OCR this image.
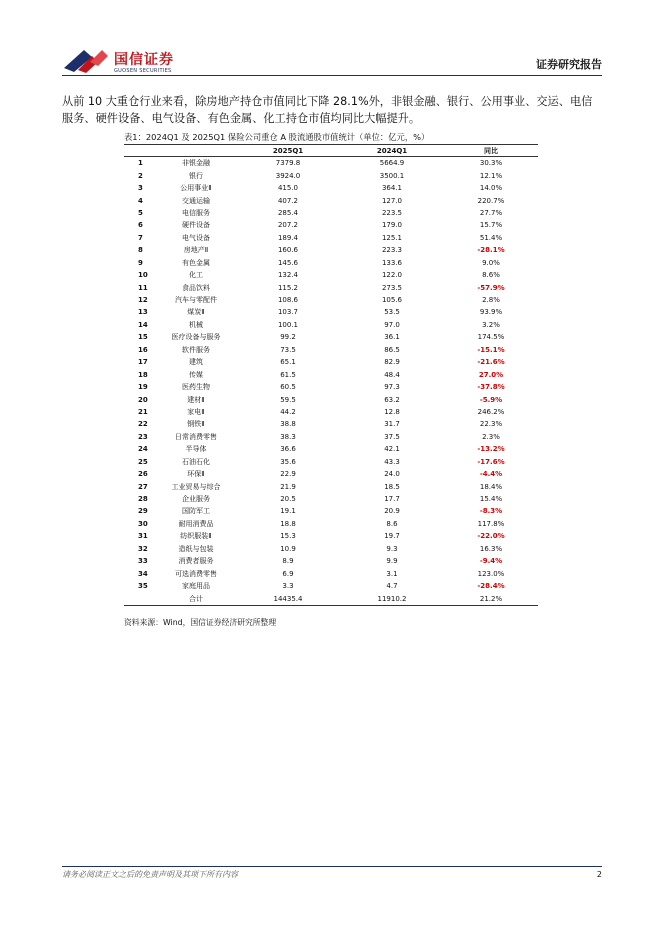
国信证券
GUOSEN SECURITIES	证券研究报告
从前 10 大重仓行业来看，除房地产持仓市值同比下降 28.1%外，非银金融、银行、公用事业、交运、电信服务、硬件设备、电气设备、有色金属、化工持仓市值均同比大幅提升。
表1：2024Q1 及 2025Q1 保险公司重仓 A 股流通股市值统计（单位：亿元，%）
		2025Q1	2024Q1	同比
1	非银金融	7379.8	5664.9	30.3%
2	银行	3924.0	3500.1	12.1%
3	公用事业Ⅱ	415.0	364.1	14.0%
4	交通运输	407.2	127.0	220.7%
5	电信服务	285.4	223.5	27.7%
6	硬件设备	207.2	179.0	15.7%
7	电气设备	189.4	125.1	51.4%
8	房地产Ⅱ	160.6	223.3	-28.1%
9	有色金属	145.6	133.6	9.0%
10	化工	132.4	122.0	8.6%
11	食品饮料	115.2	273.5	-57.9%
12	汽车与零配件	108.6	105.6	2.8%
13	煤炭Ⅱ	103.7	53.5	93.9%
14	机械	100.1	97.0	3.2%
15	医疗设备与服务	99.2	36.1	174.5%
16	软件服务	73.5	86.5	-15.1%
17	建筑	65.1	82.9	-21.6%
18	传媒	61.5	48.4	27.0%
19	医药生物	60.5	97.3	-37.8%
20	建材Ⅱ	59.5	63.2	-5.9%
21	家电Ⅱ	44.2	12.8	246.2%
22	钢铁Ⅱ	38.8	31.7	22.3%
23	日常消费零售	38.3	37.5	2.3%
24	半导体	36.6	42.1	-13.2%
25	石油石化	35.6	43.3	-17.6%
26	环保Ⅱ	22.9	24.0	-4.4%
27	工业贸易与综合	21.9	18.5	18.4%
28	企业服务	20.5	17.7	15.4%
29	国防军工	19.1	20.9	-8.3%
30	耐用消费品	18.8	8.6	117.8%
31	纺织服装Ⅱ	15.3	19.7	-22.0%
32	造纸与包装	10.9	9.3	16.3%
33	消费者服务	8.9	9.9	-9.4%
34	可选消费零售	6.9	3.1	123.0%
35	家庭用品	3.3	4.7	-28.4%
	合计	14435.4	11910.2	21.2%
资料来源：Wind，国信证券经济研究所整理
请务必阅读正文之后的免责声明及其项下所有内容	2
